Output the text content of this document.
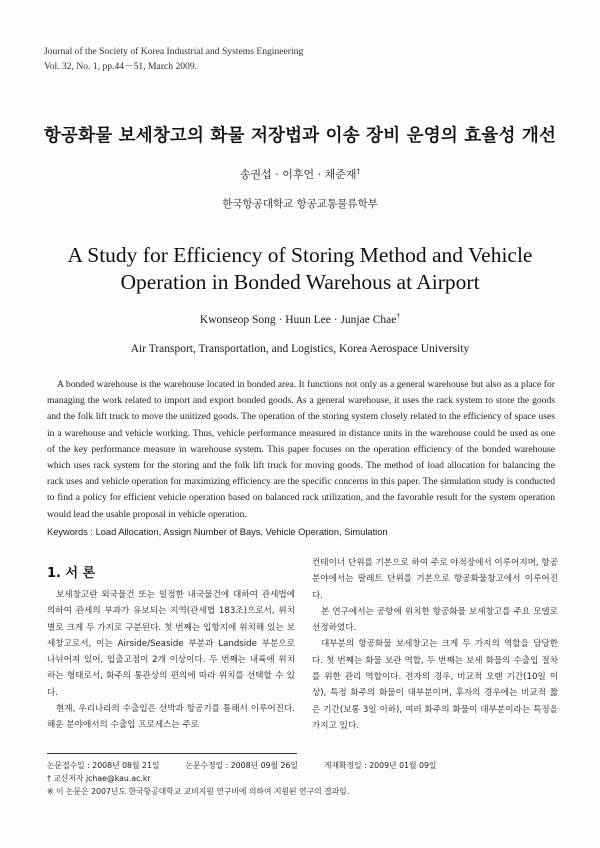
Journal of the Society of Korea Industrial and Systems Engineering
Vol. 32, No. 1, pp.44－51, March 2009.
항공화물 보세창고의 화물 저장법과 이송 장비 운영의 효율성 개선
송권섭 · 이후언 · 채준재†
한국항공대학교 항공교통물류학부
A Study for Efficiency of Storing Method and Vehicle
Operation in Bonded Warehous at Airport
Kwonseop Song · Huun Lee · Junjae Chae†
Air Transport, Transportation, and Logistics, Korea Aerospace University

A bonded warehouse is the warehouse located in bonded area. It functions not only as a general warehouse but also as a place for managing the work related to import and export bonded goods. As a general warehouse, it uses the rack system to store the goods and the folk lift truck to move the unitized goods. The operation of the storing system closely related to the efficiency of space uses in a warehouse and vehicle working. Thus, vehicle performance measured in distance units in the warehouse could be used as one of the key performance measure in warehouse system. This paper focuses on the operation efficiency of the bonded warehouse which uses rack system for the storing and the folk lift truck for moving goods. The method of load allocation for balancing the rack uses and vehicle operation for maximizing efficiency are the specific concerns in this paper. The simulation study is conducted to find a policy for efficient vehicle operation based on balanced rack utilization, and the favorable result for the system operation would lead the usable proposal in vehicle operation.

Keywords : Load Allocation, Assign Number of Bays, Vehicle Operation, Simulation
1. 서 론

보세창고란 외국물건 또는 일정한 내국물건에 대하여 관세법에 의하여 관세의 부과가 유보되는 지역(관세법 183조)으로서, 위치별로 크게 두 가지로 구분된다. 첫 번째는 입항지에 위치해 있는 보세창고로서, 이는 Airside/Seaside 부분과 Landside 부분으로 나뉘어져 있어, 입출고점이 2개 이상이다. 두 번째는 내륙에 위치하는 형태로서, 화주의 통관상의 편의에 따라 위치를 선택할 수 있다.

현재, 우리나라의 수출입은 선박과 항공기를 통해서 이루어진다. 해운 분야에서의 수출입 프로세스는 주로

컨테이너 단위를 기본으로 하여 주로 야적장에서 이루어지며, 항공 분야에서는 팔레트 단위를 기본으로 항공화물창고에서 이루어진다.

본 연구에서는 공항에 위치한 항공화물 보세창고를 주요 모델로 선정하였다.

대부분의 항공화물 보세창고는 크게 두 가지의 역할을 담당한다. 첫 번째는 화물 보관 역할, 두 번째는 보세 화물의 수출입 절차를 위한 관리 역할이다. 전자의 경우, 비교적 오랜 기간(10일 이상), 특정 화주의 화물이 대부분이며, 후자의 경우에는 비교적 짧은 기간(보통 3일 이하), 여러 화주의 화물이 대부분이라는 특징을 가지고 있다.

논문접수일 : 2008년 08월 21일	논문수정일 : 2008년 09월 26일	게재확정일 : 2009년 01월 09일
† 교신저자 jchae@kau.ac.kr
※ 이 논문은 2007년도 한국항공대학교 교비지원 연구비에 의하여 지원된 연구의 결과임.
